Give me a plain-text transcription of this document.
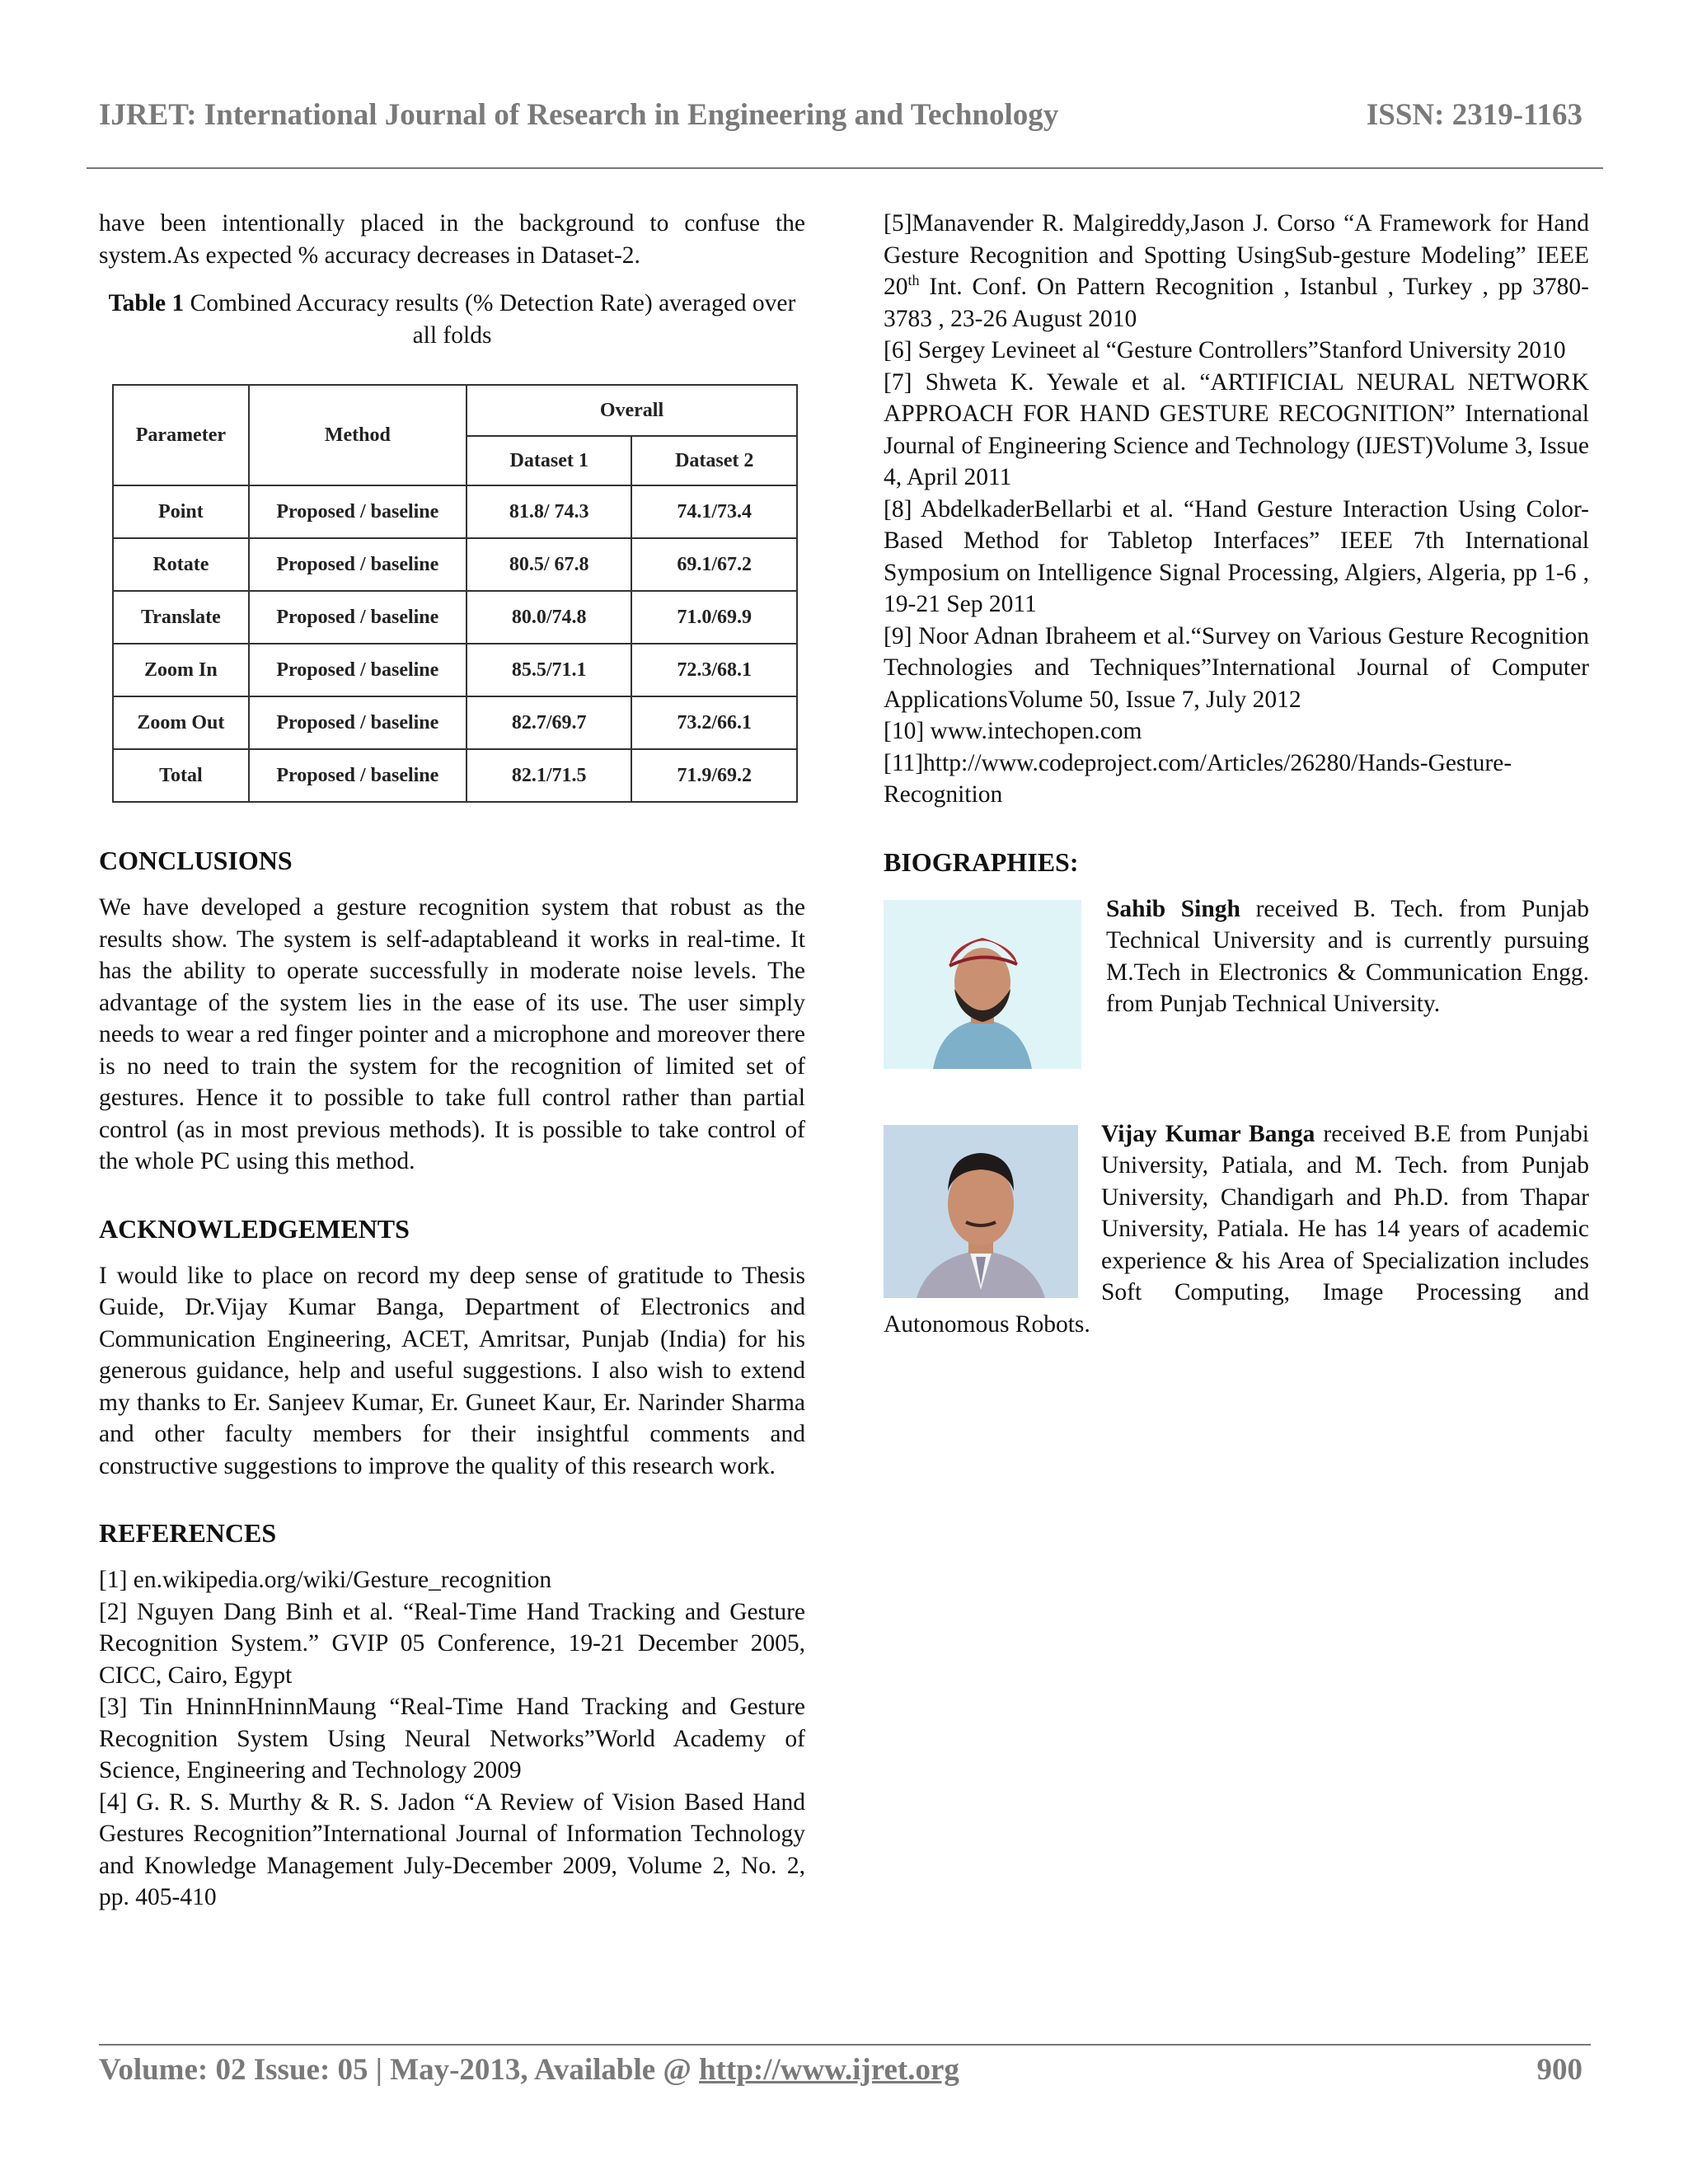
IJRET: International Journal of Research in Engineering and Technology	ISSN: 2319-1163

have been intentionally placed in the background to confuse the system.As expected % accuracy decreases in Dataset-2.

Table 1 Combined Accuracy results (% Detection Rate) averaged over all folds

Parameter	Method	Overall	
		Dataset 1	Dataset 2
Point	Proposed / baseline	81.8/ 74.3	74.1/73.4
Rotate	Proposed / baseline	80.5/ 67.8	69.1/67.2
Translate	Proposed / baseline	80.0/74.8	71.0/69.9
Zoom In	Proposed / baseline	85.5/71.1	72.3/68.1
Zoom Out	Proposed / baseline	82.7/69.7	73.2/66.1
Total	Proposed / baseline	82.1/71.5	71.9/69.2
CONCLUSIONS

We have developed a gesture recognition system that robust as the results show. The system is self-adaptableand it works in real-time. It has the ability to operate successfully in moderate noise levels. The advantage of the system lies in the ease of its use. The user simply needs to wear a red finger pointer and a microphone and moreover there is no need to train the system for the recognition of limited set of gestures. Hence it to possible to take full control rather than partial control (as in most previous methods). It is possible to take control of the whole PC using this method.

ACKNOWLEDGEMENTS

I would like to place on record my deep sense of gratitude to Thesis Guide, Dr.Vijay Kumar Banga, Department of Electronics and Communication Engineering, ACET, Amritsar, Punjab (India) for his generous guidance, help and useful suggestions. I also wish to extend my thanks to Er. Sanjeev Kumar, Er. Guneet Kaur, Er. Narinder Sharma and other faculty members for their insightful comments and constructive suggestions to improve the quality of this research work.

REFERENCES

[1] en.wikipedia.org/wiki/Gesture_recognition

[2] Nguyen Dang Binh et al. “Real-Time Hand Tracking and Gesture Recognition System.” GVIP 05 Conference, 19-21 December 2005, CICC, Cairo, Egypt

[3] Tin HninnHninnMaung “Real-Time Hand Tracking and Gesture Recognition System Using Neural Networks”World Academy of Science, Engineering and Technology 2009

[4] G. R. S. Murthy & R. S. Jadon “A Review of Vision Based Hand Gestures Recognition”International Journal of Information Technology and Knowledge Management July-December 2009, Volume 2, No. 2, pp. 405-410

[5]Manavender R. Malgireddy,Jason J. Corso “A Framework for Hand Gesture Recognition and Spotting UsingSub-gesture Modeling” IEEE 20th Int. Conf. On Pattern Recognition , Istanbul , Turkey , pp 3780-3783 , 23-26 August 2010

[6] Sergey Levineet al “Gesture Controllers”Stanford University 2010

[7] Shweta K. Yewale et al. “ARTIFICIAL NEURAL NETWORK APPROACH FOR HAND GESTURE RECOGNITION” International Journal of Engineering Science and Technology (IJEST)Volume 3, Issue 4, April 2011

[8] AbdelkaderBellarbi et al. “Hand Gesture Interaction Using Color-Based Method for Tabletop Interfaces” IEEE 7th International Symposium on Intelligence Signal Processing, Algiers, Algeria, pp 1-6 , 19-21 Sep 2011

[9] Noor Adnan Ibraheem et al.“Survey on Various Gesture Recognition Technologies and Techniques”International Journal of Computer ApplicationsVolume 50, Issue 7, July 2012

[10] www.intechopen.com

[11]http://www.codeproject.com/Articles/26280/Hands-Gesture-Recognition

BIOGRAPHIES:

Sahib Singh received B. Tech. from Punjab Technical University and is currently pursuing M.Tech in Electronics & Communication Engg. from Punjab Technical University.

Vijay Kumar Banga received B.E from Punjabi University, Patiala, and M. Tech. from Punjab University, Chandigarh and Ph.D. from Thapar University, Patiala. He has 14 years of academic experience & his Area of Specialization includes Soft Computing, Image Processing and Autonomous Robots.

Volume: 02 Issue: 05 | May-2013, Available @ http://www.ijret.org	900
